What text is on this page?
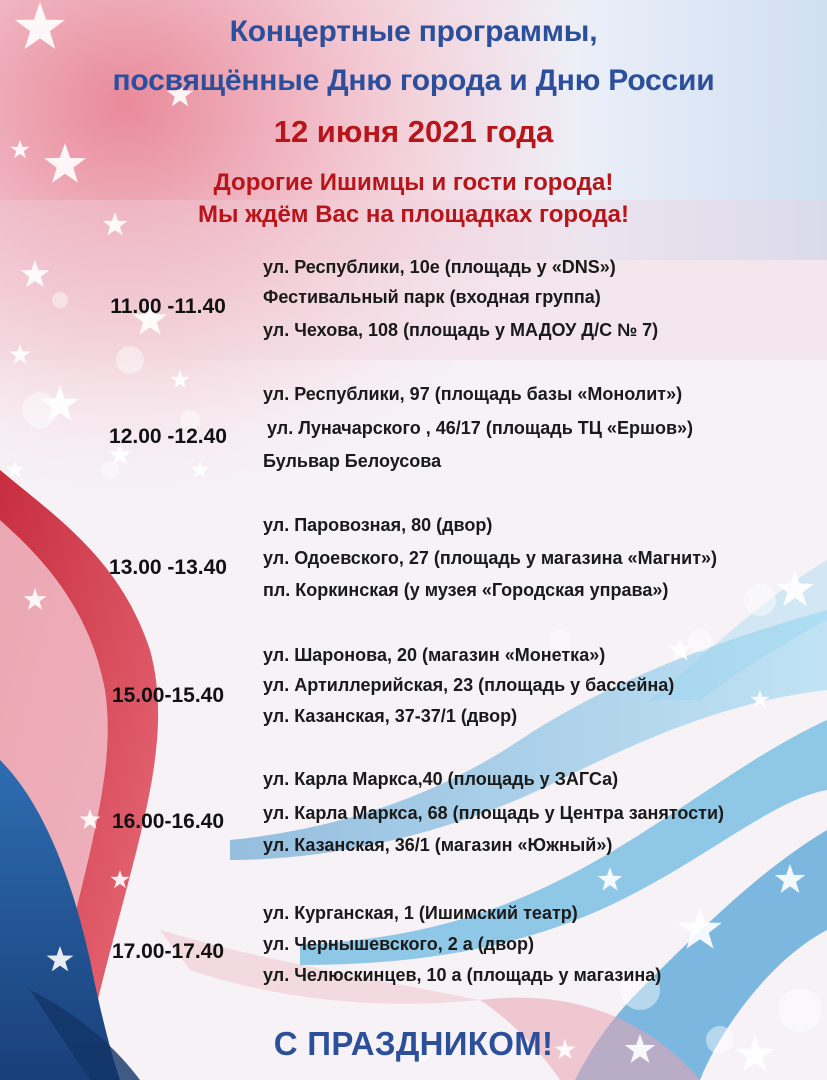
Концертные программы,
посвящённые Дню города и Дню России
12 июня 2021 года
Дорогие Ишимцы и гости города!
Мы ждём Вас на площадках города!
11.00 -11.40
ул. Республики, 10е (площадь у «DNS»)
Фестивальный парк (входная группа)
ул. Чехова, 108 (площадь у МАДОУ Д/С № 7)
12.00 -12.40
ул. Республики, 97 (площадь базы «Монолит»)
ул. Луначарского , 46/17 (площадь ТЦ «Ершов»)
Бульвар Белоусова
13.00 -13.40
ул. Паровозная, 80 (двор)
ул. Одоевского, 27 (площадь у магазина «Магнит»)
пл. Коркинская (у музея «Городская управа»)
15.00-15.40
ул. Шаронова, 20 (магазин «Монетка»)
ул. Артиллерийская, 23 (площадь у бассейна)
ул. Казанская, 37-37/1 (двор)
16.00-16.40
ул. Карла Маркса,40 (площадь у ЗАГСа)
ул. Карла Маркса, 68 (площадь у Центра занятости)
ул. Казанская, 36/1 (магазин «Южный»)
17.00-17.40
ул. Курганская, 1 (Ишимский театр)
ул. Чернышевского, 2 а (двор)
ул. Челюскинцев, 10 а (площадь у магазина)
С ПРАЗДНИКОМ!
